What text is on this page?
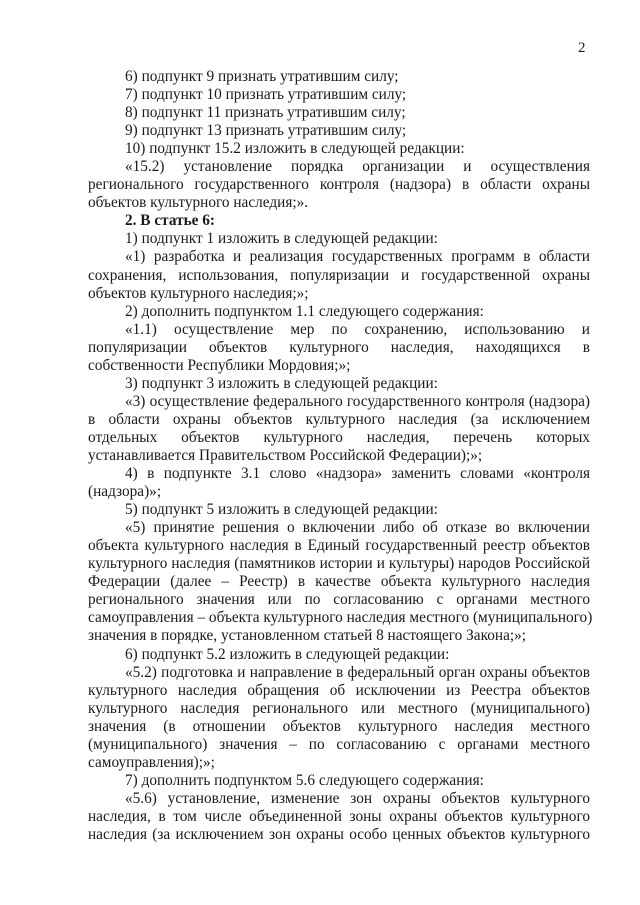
2
6) подпункт 9 признать утратившим силу;
7) подпункт 10 признать утратившим силу;
8) подпункт 11 признать утратившим силу;
9) подпункт 13 признать утратившим силу;
10) подпункт 15.2 изложить в следующей редакции:
«15.2) установление порядка организации и осуществления
регионального государственного контроля (надзора) в области охраны
объектов культурного наследия;».
2. В статье 6:
1) подпункт 1 изложить в следующей редакции:
«1) разработка и реализация государственных программ в области
сохранения, использования, популяризации и государственной охраны
объектов культурного наследия;»;
2) дополнить подпунктом 1.1 следующего содержания:
«1.1) осуществление мер по сохранению, использованию и
популяризации объектов культурного наследия, находящихся в
собственности Республики Мордовия;»;
3) подпункт 3 изложить в следующей редакции:
«3) осуществление федерального государственного контроля (надзора)
в области охраны объектов культурного наследия (за исключением
отдельных объектов культурного наследия, перечень которых
устанавливается Правительством Российской Федерации);»;
4) в подпункте 3.1 слово «надзора» заменить словами «контроля
(надзора)»;
5) подпункт 5 изложить в следующей редакции:
«5) принятие решения о включении либо об отказе во включении
объекта культурного наследия в Единый государственный реестр объектов
культурного наследия (памятников истории и культуры) народов Российской
Федерации (далее – Реестр) в качестве объекта культурного наследия
регионального значения или по согласованию с органами местного
самоуправления – объекта культурного наследия местного (муниципального)
значения в порядке, установленном статьей 8 настоящего Закона;»;
6) подпункт 5.2 изложить в следующей редакции:
«5.2) подготовка и направление в федеральный орган охраны объектов
культурного наследия обращения об исключении из Реестра объектов
культурного наследия регионального или местного (муниципального)
значения (в отношении объектов культурного наследия местного
(муниципального) значения – по согласованию с органами местного
самоуправления);»;
7) дополнить подпунктом 5.6 следующего содержания:
«5.6) установление, изменение зон охраны объектов культурного
наследия, в том числе объединенной зоны охраны объектов культурного
наследия (за исключением зон охраны особо ценных объектов культурного
